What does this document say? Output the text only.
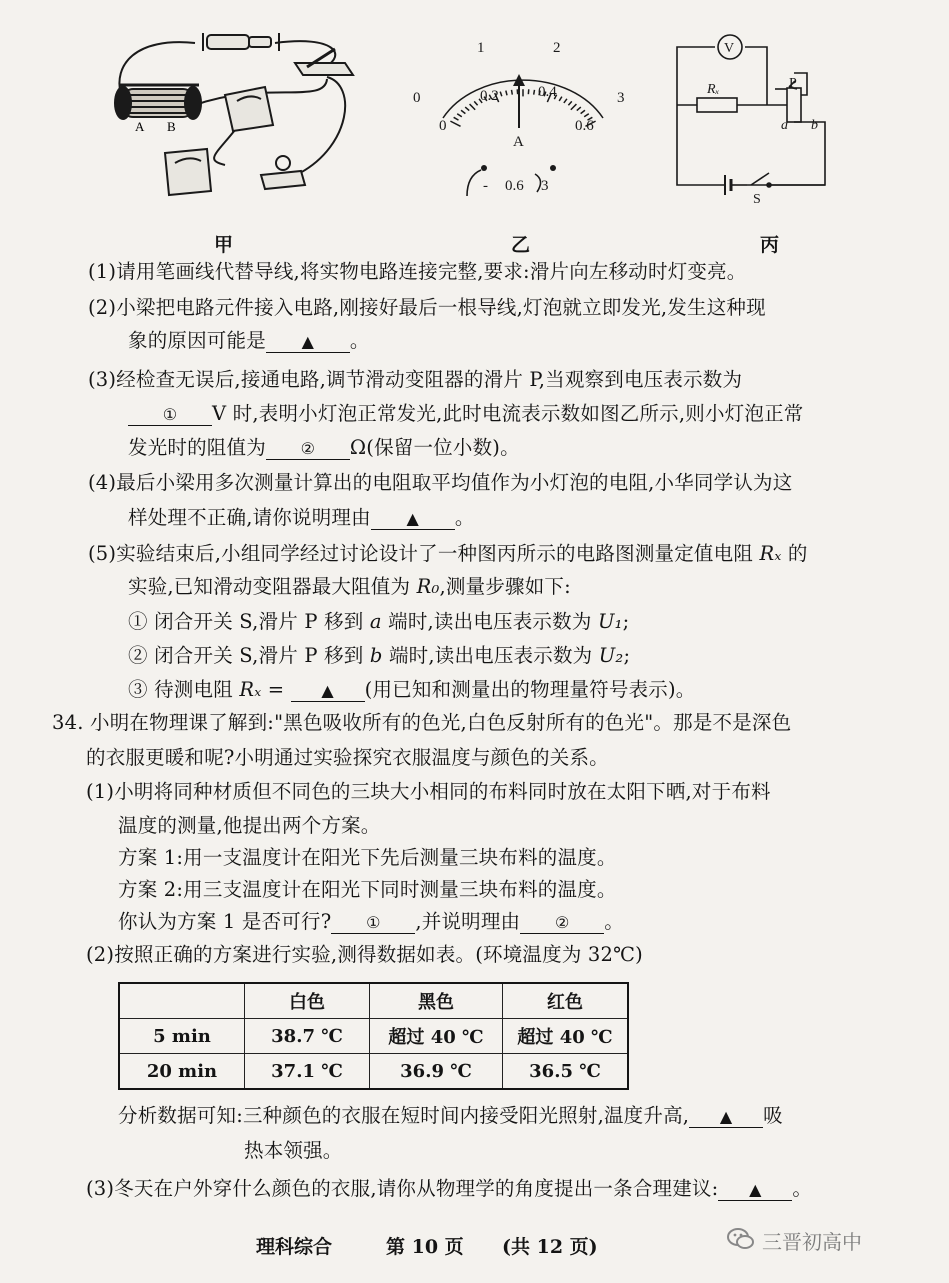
A B
甲
0
1	2
3
0
0.2	0.4
0.6
A
- 0.6 3
乙
V
Rₓ	P
a b
S
丙
(1)请用笔画线代替导线,将实物电路连接完整,要求:滑片向左移动时灯变亮。
(2)小梁把电路元件接入电路,刚接好最后一根导线,灯泡就立即发光,发生这种现
象的原因可能是 ▲ 。
(3)经检查无误后,接通电路,调节滑动变阻器的滑片 P,当观察到电压表示数为
① V 时,表明小灯泡正常发光,此时电流表示数如图乙所示,则小灯泡正常
发光时的阻值为 ② Ω(保留一位小数)。
(4)最后小梁用多次测量计算出的电阻取平均值作为小灯泡的电阻,小华同学认为这
样处理不正确,请你说明理由 ▲ 。
(5)实验结束后,小组同学经过讨论设计了一种图丙所示的电路图测量定值电阻 Rₓ 的
实验,已知滑动变阻器最大阻值为 R₀,测量步骤如下:
① 闭合开关 S,滑片 P 移到 a 端时,读出电压表示数为 U₁;
② 闭合开关 S,滑片 P 移到 b 端时,读出电压表示数为 U₂;
③ 待测电阻 Rₓ = ▲ (用已知和测量出的物理量符号表示)。
34. 小明在物理课了解到:"黑色吸收所有的色光,白色反射所有的色光"。那是不是深色
的衣服更暖和呢?小明通过实验探究衣服温度与颜色的关系。
(1)小明将同种材质但不同色的三块大小相同的布料同时放在太阳下晒,对于布料
温度的测量,他提出两个方案。
方案 1:用一支温度计在阳光下先后测量三块布料的温度。
方案 2:用三支温度计在阳光下同时测量三块布料的温度。
你认为方案 1 是否可行? ① ,并说明理由 ② 。
(2)按照正确的方案进行实验,测得数据如表。(环境温度为 32℃)
	白色	黑色	红色
5 min	38.7 ℃	超过 40 ℃	超过 40 ℃
20 min	37.1 ℃	36.9 ℃	36.5 ℃
分析数据可知:三种颜色的衣服在短时间内接受阳光照射,温度升高, ▲ 吸
热本领强。
(3)冬天在户外穿什么颜色的衣服,请你从物理学的角度提出一条合理建议: ▲ 。
理科综合	第 10 页 (共 12 页)	三晋初高中
